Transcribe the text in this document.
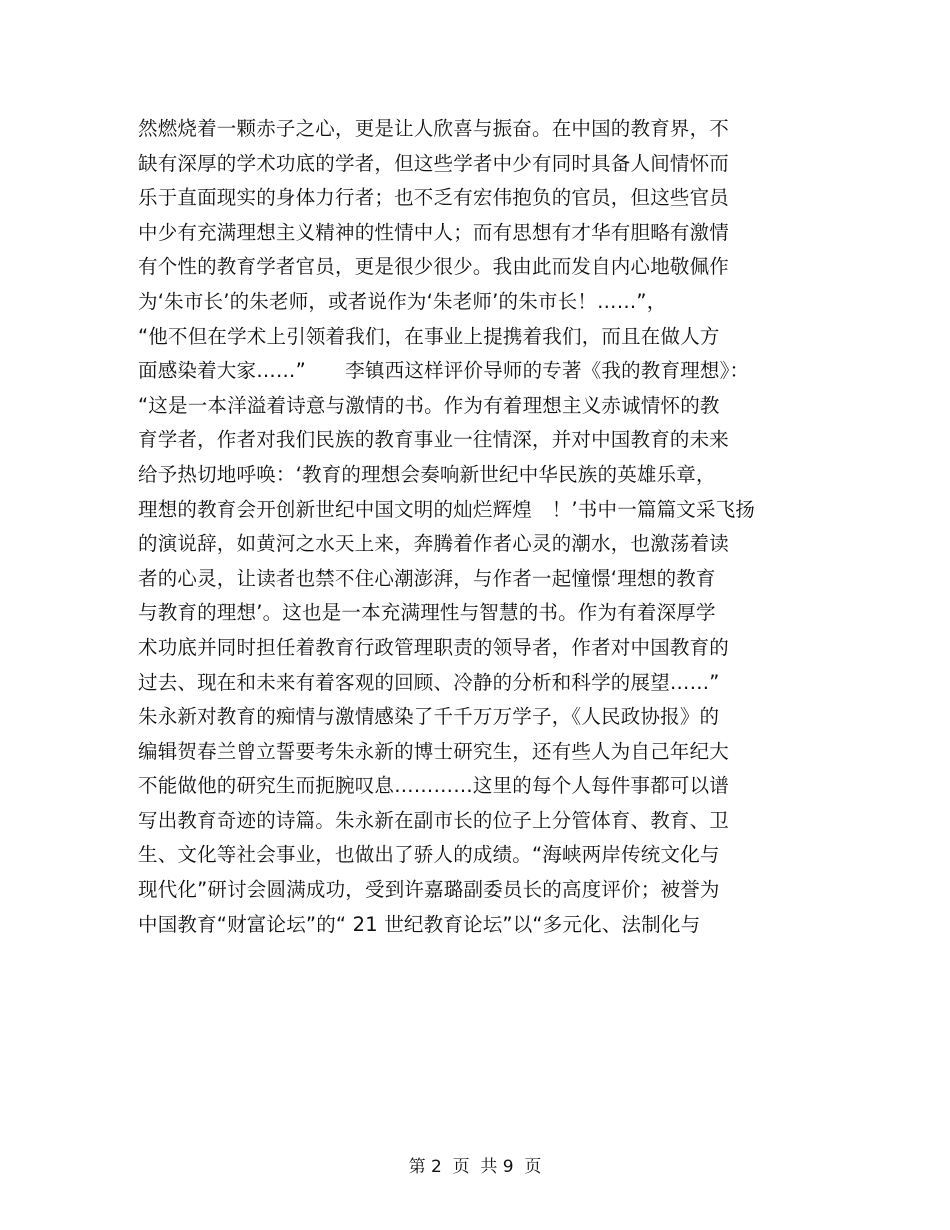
然燃烧着一颗赤子之心，更是让人欣喜与振奋。在中国的教育界，不
缺有深厚的学术功底的学者，但这些学者中少有同时具备人间情怀而
乐于直面现实的身体力行者；也不乏有宏伟抱负的官员，但这些官员
中少有充满理想主义精神的性情中人；而有思想有才华有胆略有激情
有个性的教育学者官员，更是很少很少。我由此而发自内心地敬佩作
为‘朱市长’的朱老师，或者说作为‘朱老师’的朱市长！……”，
“他不但在学术上引领着我们，在事业上提携着我们，而且在做人方
面感染着大家……”　　李镇西这样评价导师的专著《我的教育理想》：
“这是一本洋溢着诗意与激情的书。作为有着理想主义赤诚情怀的教
育学者，作者对我们民族的教育事业一往情深，并对中国教育的未来
给予热切地呼唤：‘教育的理想会奏响新世纪中华民族的英雄乐章，
理想的教育会开创新世纪中国文明的灿烂辉煌　！’书中一篇篇文采飞扬
的演说辞，如黄河之水天上来，奔腾着作者心灵的潮水，也激荡着读
者的心灵，让读者也禁不住心潮澎湃，与作者一起憧憬‘理想的教育
与教育的理想’。这也是一本充满理性与智慧的书。作为有着深厚学
术功底并同时担任着教育行政管理职责的领导者，作者对中国教育的
过去、现在和未来有着客观的回顾、冷静的分析和科学的展望……”
朱永新对教育的痴情与激情感染了千千万万学子，《人民政协报》的
编辑贺春兰曾立誓要考朱永新的博士研究生，还有些人为自己年纪大
不能做他的研究生而扼腕叹息…………这里的每个人每件事都可以谱
写出教育奇迹的诗篇。朱永新在副市长的位子上分管体育、教育、卫
生、文化等社会事业，也做出了骄人的成绩。“海峡两岸传统文化与
现代化”研讨会圆满成功，受到许嘉璐副委员长的高度评价；被誉为
中国教育“财富论坛”的“ 21 世纪教育论坛”以“多元化、法制化与
第 2  页  共 9  页
